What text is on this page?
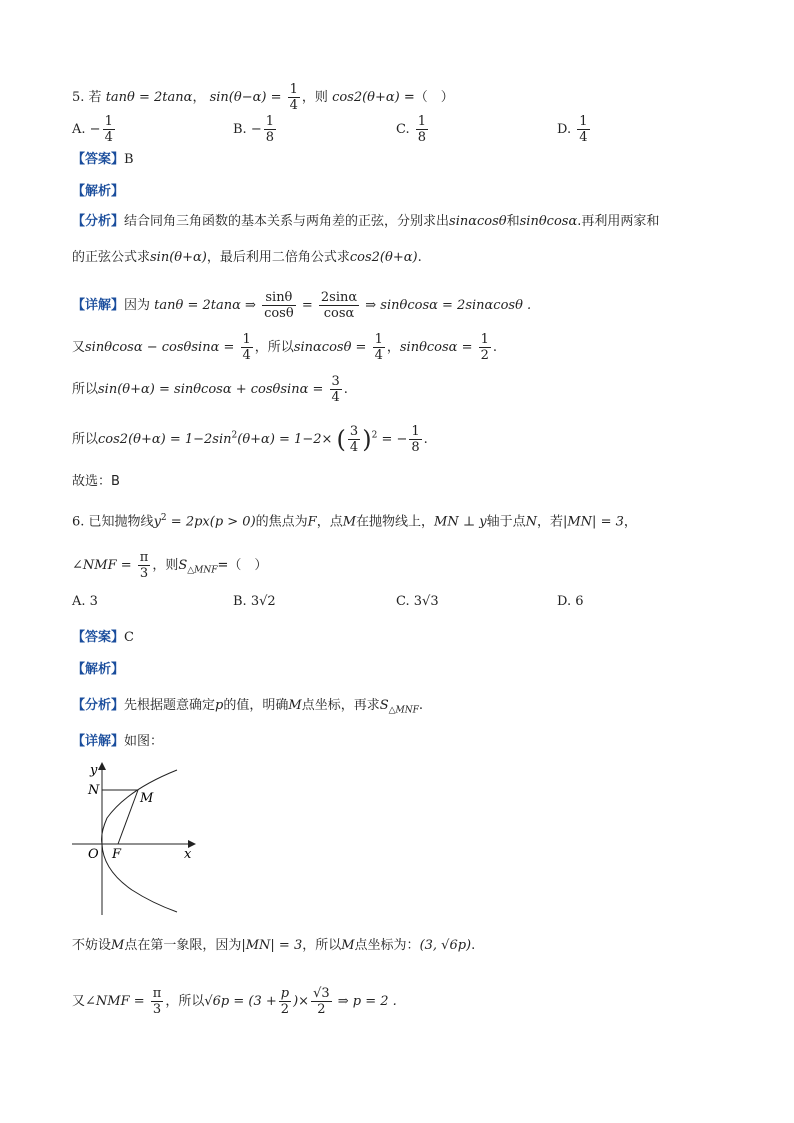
5. 若 tanθ = 2tanα， $\sin(\theta-\alpha) = \frac{1}{4}$ ，则 cos2(θ+α) =（　）
A. − $\frac{1}{4}$	B. − $\frac{1}{8}$	C. $\frac{1}{8}$	D. $\frac{1}{4}$
【答案】B
【解析】
【分析】结合同角三角函数的基本关系与两角差的正弦，分别求出sinαcosθ和sinθcosα.再利用两家和
的正弦公式求sin(θ+α)，最后利用二倍角公式求cos2(θ+α).
【详解】因为 tanθ = 2tanα ⇒ $\frac{\sin\theta}{\cos\theta} = \frac{2\sin\alpha}{\cos\alpha}$ ⇒ sinθcosα = 2sinαcosθ .
又$\sin\theta\cos\alpha - \cos\theta\sin\alpha = \frac{1}{4}$ ，所以$\sin\alpha\cos\theta = \frac{1}{4}$ ，$\sin\theta\cos\alpha = \frac{1}{2}$ .
所以$\sin(\theta+\alpha) = \sin\theta\cos\alpha + \cos\theta\sin\alpha = \frac{3}{4}$ .
所以$\cos 2(\theta+\alpha) = 1-2\sin^2(\theta+\alpha) = 1-2\times$ ( $\frac{3}{4} )^2$ = − $\frac{1}{8}$ .
故选：B
6. 已知抛物线$y^2 = 2px(p > 0)$的焦点为F，点M在抛物线上，MN ⊥ y轴于点N，若|MN| = 3，
∠NMF = $\frac{\pi}{3}$ ，则$S_{\triangle MNF}=$（　）
A. 3	B. 3√2	C. 3√3	D. 6
【答案】C
【解析】
【分析】先根据题意确定p的值，明确M点坐标，再求$S_{\triangle MNF}$.
【详解】如图：
y
N
M
O F	x
不妨设M点在第一象限，因为|MN| = 3，所以M点坐标为：(3, √6p).
又∠NMF = $\frac{\pi}{3}$ ，所以$√6p = (3 + \frac{p}{2}$ )× $\frac{√3}{2}$ ⇒ p = 2 .
